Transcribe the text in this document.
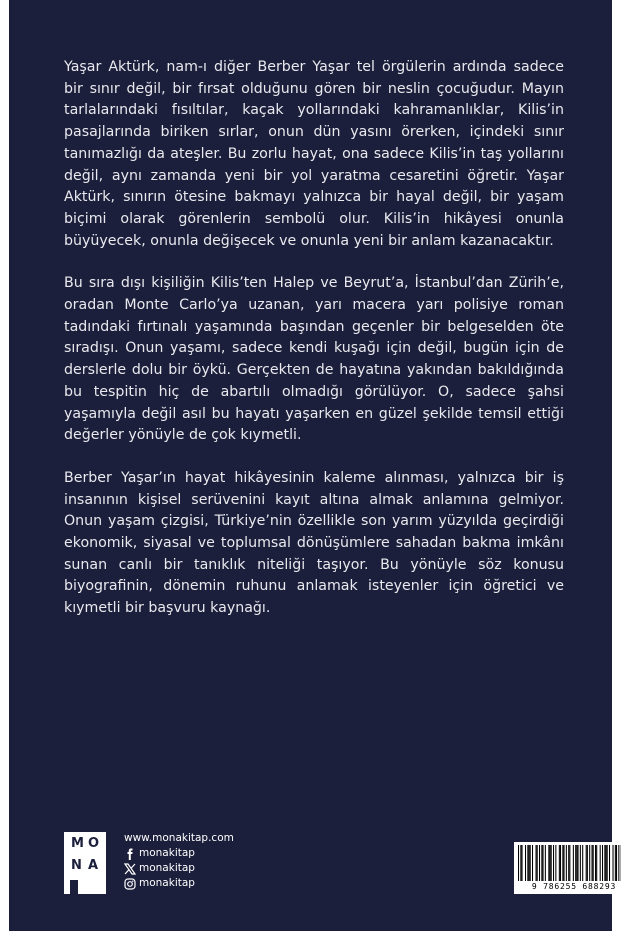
Yaşar Aktürk, nam-ı diğer Berber Yaşar tel örgülerin ardında sadece bir sınır değil, bir fırsat olduğunu gören bir neslin çocuğudur. Mayın tarlalarındaki fısıltılar, kaçak yollarındaki kahramanlıklar, Kilis’in pasajlarında biriken sırlar, onun dün yasını örerken, içindeki sınır tanımazlığı da ateşler. Bu zorlu hayat, ona sadece Kilis’in taş yollarını değil, aynı zamanda yeni bir yol yaratma cesaretini öğretir. Yaşar Aktürk, sınırın ötesine bakmayı yalnızca bir hayal değil, bir yaşam biçimi olarak görenlerin sembolü olur. Kilis’in hikâyesi onunla büyüyecek, onunla değişecek ve onunla yeni bir anlam kazanacaktır.

Bu sıra dışı kişiliğin Kilis’ten Halep ve Beyrut’a, İstanbul’dan Zürih’e, oradan Monte Carlo’ya uzanan, yarı macera yarı polisiye roman tadındaki fırtınalı yaşamında başından geçenler bir belgeselden öte sıradışı. Onun yaşamı, sadece kendi kuşağı için değil, bugün için de derslerle dolu bir öykü. Gerçekten de hayatına yakından bakıldığında bu tespitin hiç de abartılı olmadığı görülüyor. O, sadece şahsi yaşamıyla değil asıl bu hayatı yaşarken en güzel şekilde temsil ettiği değerler yönüyle de çok kıymetli.

Berber Yaşar’ın hayat hikâyesinin kaleme alınması, yalnızca bir iş insanının kişisel serüvenini kayıt altına almak anlamına gelmiyor. Onun yaşam çizgisi, Türkiye’nin özellikle son yarım yüzyılda geçirdiği ekonomik, siyasal ve toplumsal dönüşümlere sahadan bakma imkânı sunan canlı bir tanıklık niteliği taşıyor. Bu yönüyle söz konusu biyografinin, dönemin ruhunu anlamak isteyenler için öğretici ve kıymetli bir başvuru kaynağı.

M O
N A
www.monakitap.com
monakitap
monakitap
monakitap	9 786255 688293
